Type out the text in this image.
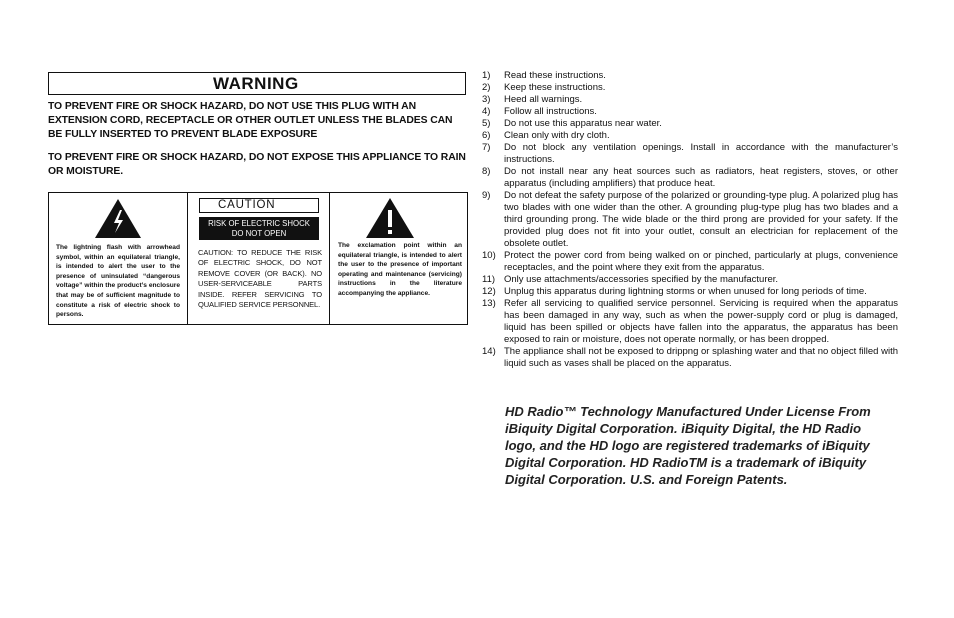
WARNING

TO PREVENT FIRE OR SHOCK HAZARD, DO NOT USE THIS PLUG WITH AN EXTENSION CORD, RECEPTACLE OR OTHER OUTLET UNLESS THE BLADES CAN BE FULLY INSERTED TO PREVENT BLADE EXPOSURE

TO PREVENT FIRE OR SHOCK HAZARD, DO NOT EXPOSE THIS APPLIANCE TO RAIN OR MOISTURE.

The lightning flash with arrowhead symbol, within an equilateral triangle, is intended to alert the user to the presence of uninsulated “dangerous voltage” within the product’s enclosure that may be of sufficient magnitude to constitute a risk of electric shock to persons.

CAUTION
RISK OF ELECTRIC SHOCK
DO NOT OPEN

CAUTION: TO REDUCE THE RISK OF ELECTRIC SHOCK, DO NOT REMOVE COVER (OR BACK). NO USER-SERVICEABLE PARTS INSIDE. REFER SERVICING TO QUALIFIED SERVICE PERSONNEL.

The exclamation point within an equilateral triangle, is intended to alert the user to the presence of important operating and maintenance (servicing) instructions in the literature accompanying the appliance.

1) Read these instructions.
2) Keep these instructions.
3) Heed all warnings.
4) Follow all instructions.
5) Do not use this apparatus near water.
6) Clean only with dry cloth.
7) Do not block any ventilation openings. Install in accordance with the manufacturer’s instructions.
8) Do not install near any heat sources such as radiators, heat registers, stoves, or other apparatus (including amplifiers) that produce heat.
9) Do not defeat the safety purpose of the polarized or grounding-type plug. A polarized plug has two blades with one wider than the other. A grounding plug-type plug has two blades and a third grounding prong. The wide blade or the third prong are provided for your safety. If the provided plug does not fit into your outlet, consult an electrician for replacement of the obsolete outlet.
10) Protect the power cord from being walked on or pinched, particularly at plugs, convenience receptacles, and the point where they exit from the apparatus.
11) Only use attachments/accessories specified by the manufacturer.
12) Unplug this apparatus during lightning storms or when unused for long periods of time.
13) Refer all servicing to qualified service personnel. Servicing is required when the apparatus has been damaged in any way, such as when the power-supply cord or plug is damaged, liquid has been spilled or objects have fallen into the apparatus, the apparatus has been exposed to rain or moisture, does not operate normally, or has been dropped.
14) The appliance shall not be exposed to drippng or splashing water and that no object filled with liquid such as vases shall be placed on the apparatus.

HD Radio™ Technology Manufactured Under License From iBiquity Digital Corporation. iBiquity Digital, the HD Radio logo, and the HD logo are registered trademarks of iBiquity Digital Corporation. HD RadioTM is a trademark of iBiquity Digital Corporation. U.S. and Foreign Patents.
